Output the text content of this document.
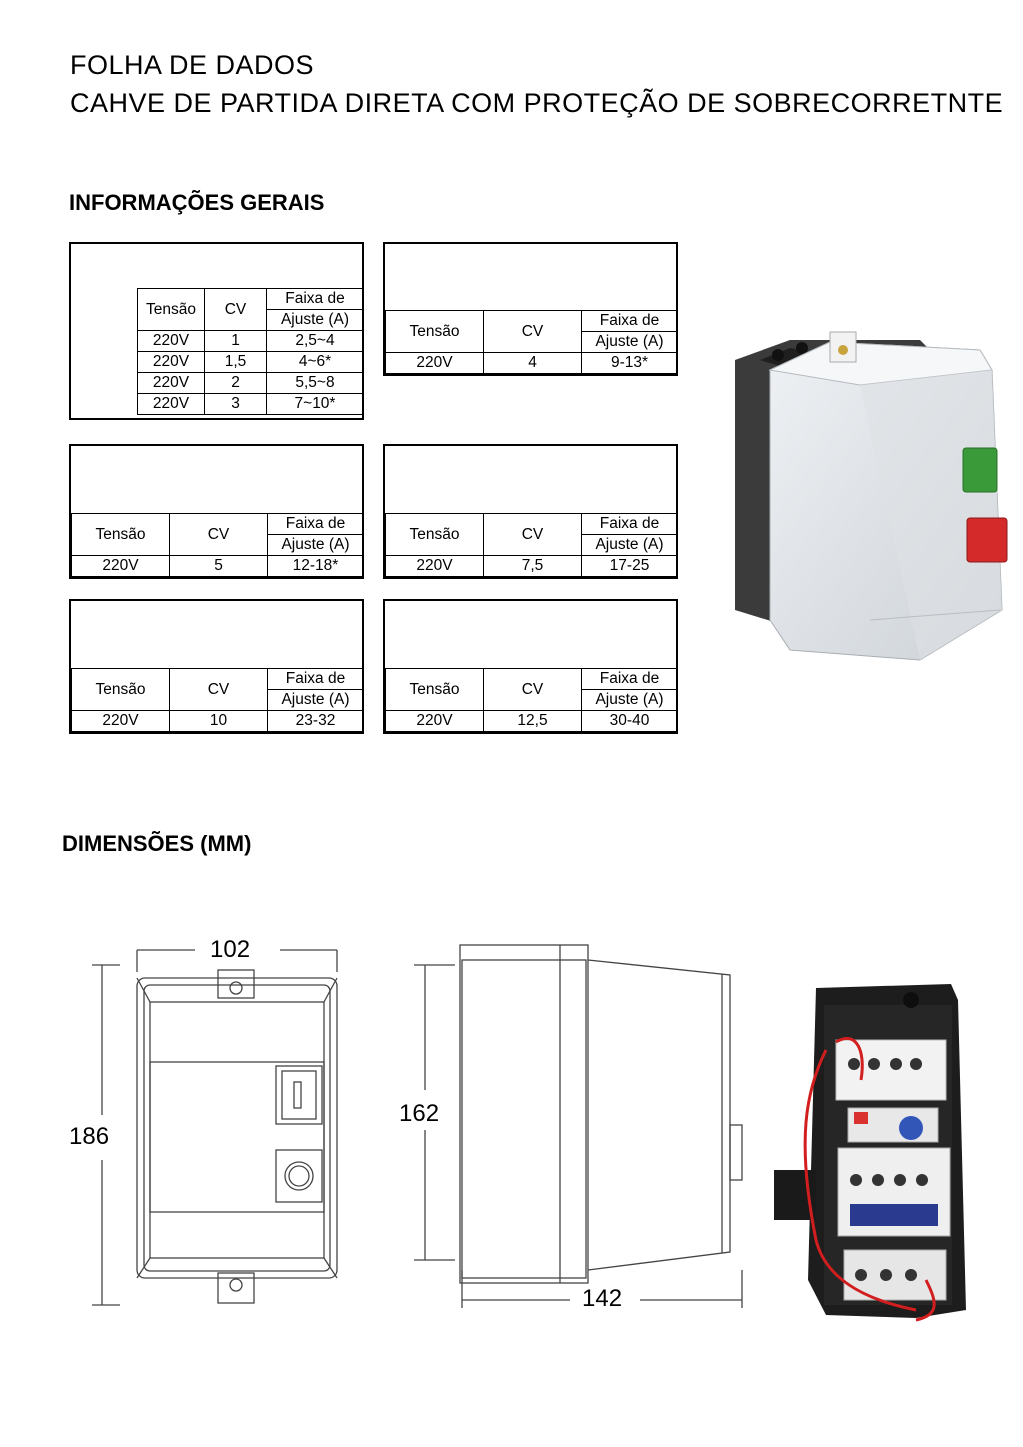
FOLHA DE DADOS
CAHVE DE PARTIDA DIRETA COM PROTEÇÃO DE SOBRECORRETNTE
INFORMAÇÕES GERAIS
Tensão	CV	Faixa de
		Ajuste (A)
220V	1	2,5~4
220V	1,5	4~6*
220V	2	5,5~8
220V	3	7~10*
Tensão	CV	Faixa de
		Ajuste (A)
220V	4	9-13*
Tensão	CV	Faixa de
		Ajuste (A)
220V	5	12-18*
Tensão	CV	Faixa de
		Ajuste (A)
220V	7,5	17-25
Tensão	CV	Faixa de
		Ajuste (A)
220V	10	23-32
Tensão	CV	Faixa de
		Ajuste (A)
220V	12,5	30-40
DIMENSÕES (MM)
102
186
162
142
